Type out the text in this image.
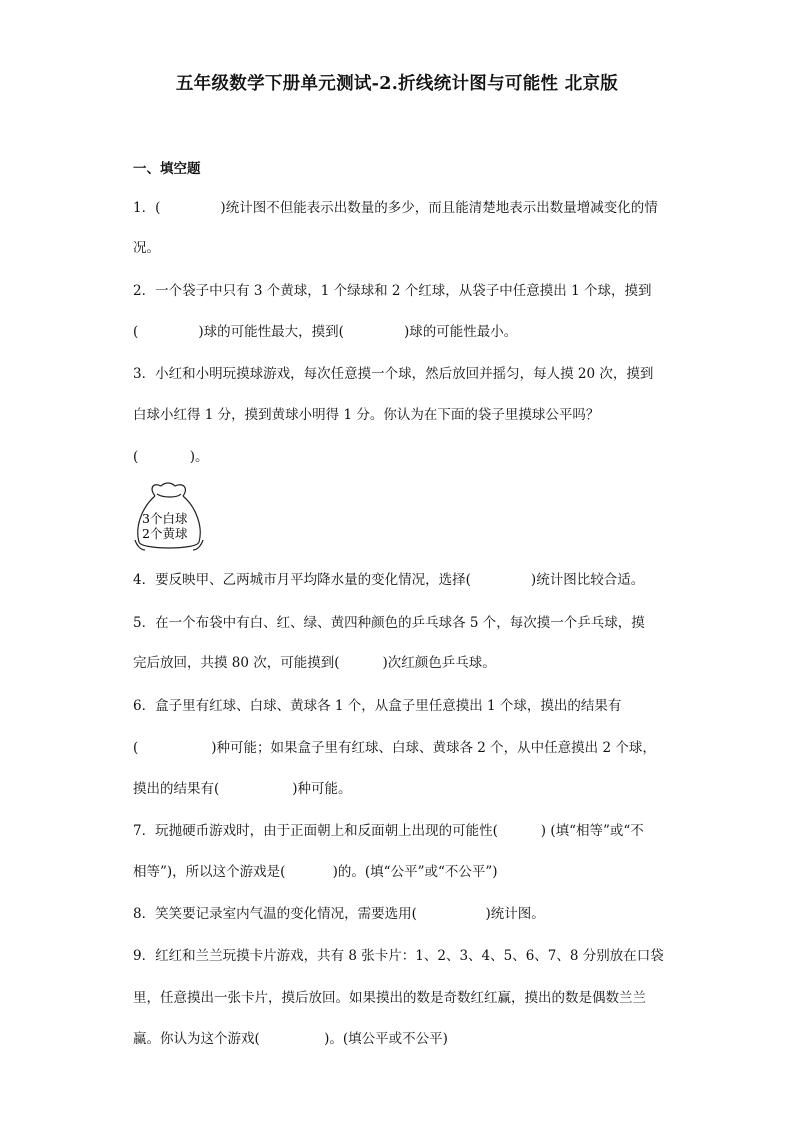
五年级数学下册单元测试-2.折线统计图与可能性 北京版
一、填空题
1．(              )统计图不但能表示出数量的多少，而且能清楚地表示出数量增减变化的情
况。
2．一个袋子中只有 3 个黄球，1 个绿球和 2 个红球，从袋子中任意摸出 1 个球，摸到
(              )球的可能性最大，摸到(              )球的可能性最小。
3．小红和小明玩摸球游戏，每次任意摸一个球，然后放回并摇匀，每人摸 20 次，摸到
白球小红得 1 分，摸到黄球小明得 1 分。你认为在下面的袋子里摸球公平吗？
(            )。
3个白球
2个黄球
4．要反映甲、乙两城市月平均降水量的变化情况，选择(              )统计图比较合适。
5．在一个布袋中有白、红、绿、黄四种颜色的乒乓球各 5 个，每次摸一个乒乓球，摸
完后放回，共摸 80 次，可能摸到(          )次红颜色乒乓球。
6．盒子里有红球、白球、黄球各 1 个，从盒子里任意摸出 1 个球，摸出的结果有
(                 )种可能；如果盒子里有红球、白球、黄球各 2 个，从中任意摸出 2 个球，
摸出的结果有(                 )种可能。
7．玩抛硬币游戏时，由于正面朝上和反面朝上出现的可能性(          ) (填“相等”或“不
相等”)，所以这个游戏是(           )的。(填“公平”或“不公平”)
8．笑笑要记录室内气温的变化情况，需要选用(                )统计图。
9．红红和兰兰玩摸卡片游戏，共有 8 张卡片：1、2、3、4、5、6、7、8 分别放在口袋
里，任意摸出一张卡片，摸后放回。如果摸出的数是奇数红红赢，摸出的数是偶数兰兰
赢。你认为这个游戏(               )。(填公平或不公平)
